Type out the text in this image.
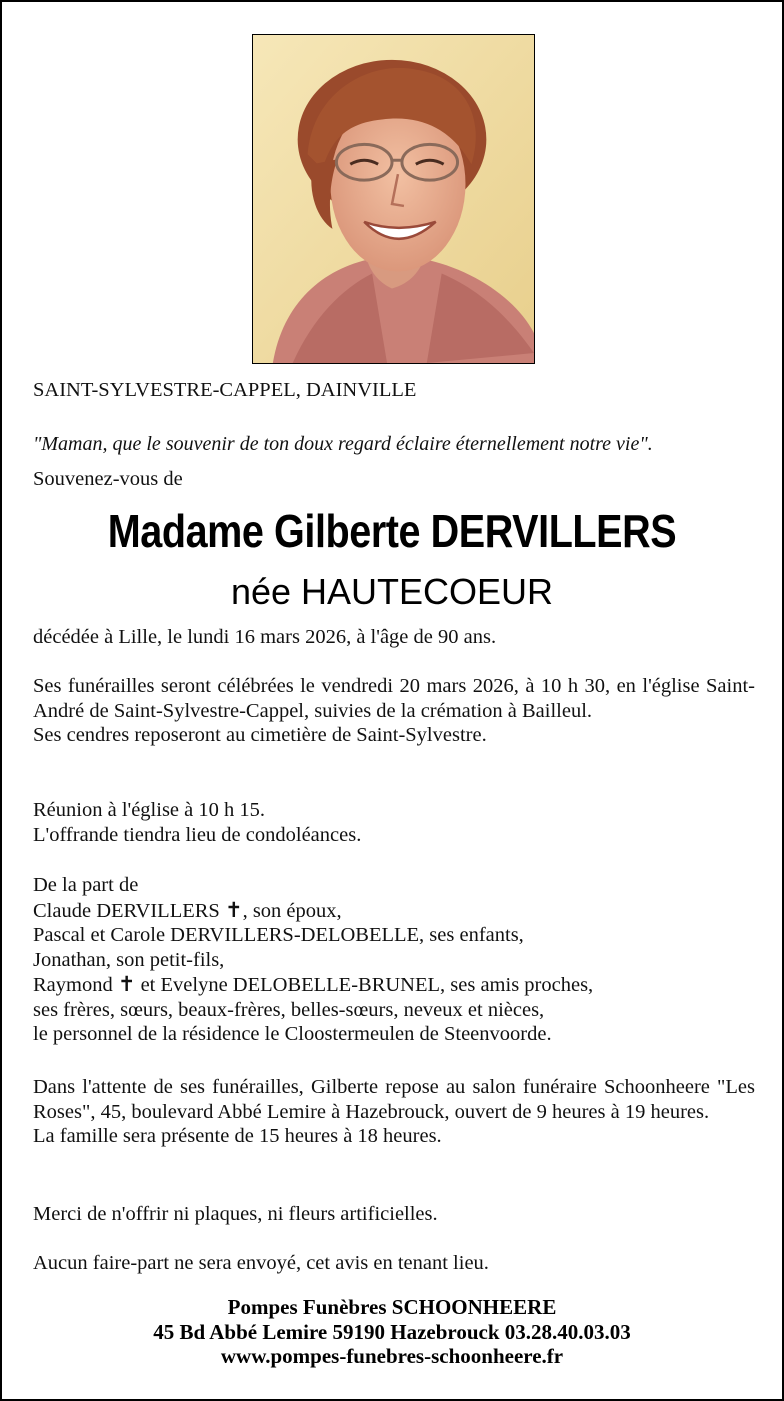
SAINT-SYLVESTRE-CAPPEL, DAINVILLE
"Maman, que le souvenir de ton doux regard éclaire éternellement notre vie".
Souvenez-vous de
Madame Gilberte DERVILLERS
née HAUTECOEUR
décédée à Lille, le lundi 16 mars 2026, à l'âge de 90 ans.

Ses funérailles seront célébrées le vendredi 20 mars 2026, à 10 h 30, en l'église Saint-André de Saint-Sylvestre-Cappel, suivies de la crémation à Bailleul.

Ses cendres reposeront au cimetière de Saint-Sylvestre.

Réunion à l'église à 10 h 15.

L'offrande tiendra lieu de condoléances.

De la part de

Claude DERVILLERS ✝, son époux,

Pascal et Carole DERVILLERS-DELOBELLE, ses enfants,

Jonathan, son petit-fils,

Raymond ✝ et Evelyne DELOBELLE-BRUNEL, ses amis proches,

ses frères, sœurs, beaux-frères, belles-sœurs, neveux et nièces,

le personnel de la résidence le Cloostermeulen de Steenvoorde.

Dans l'attente de ses funérailles, Gilberte repose au salon funéraire Schoonheere "Les Roses", 45, boulevard Abbé Lemire à Hazebrouck, ouvert de 9 heures à 19 heures.

La famille sera présente de 15 heures à 18 heures.

Merci de n'offrir ni plaques, ni fleurs artificielles.
Aucun faire-part ne sera envoyé, cet avis en tenant lieu.

Pompes Funèbres SCHOONHEERE

45 Bd Abbé Lemire 59190 Hazebrouck 03.28.40.03.03

www.pompes-funebres-schoonheere.fr
